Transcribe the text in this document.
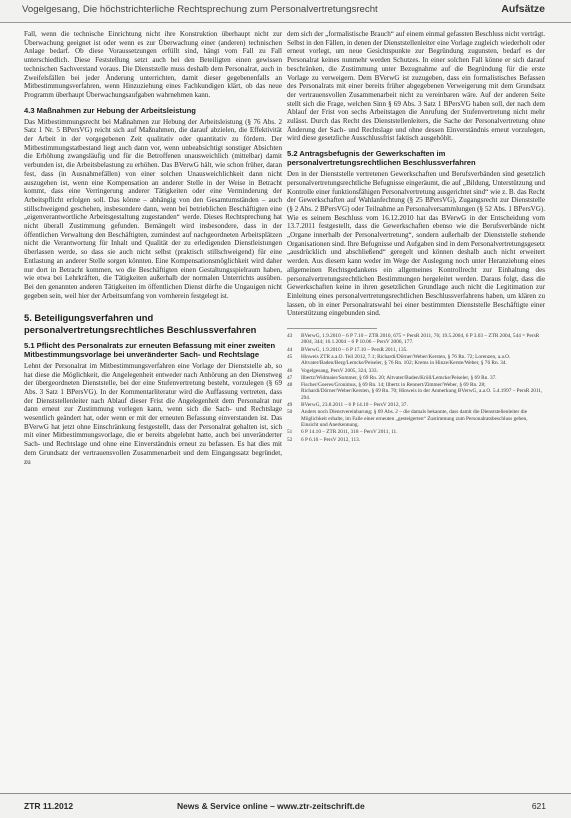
Vogelgesang, Die höchstrichterliche Rechtsprechung zum Personalvertretungsrecht	Aufsätze

Fall, wenn die technische Einrichtung nicht ihre Konstruktion überhaupt nicht zur Überwachung geeignet ist oder wenn es zur Überwachung einer (anderen) technischen Anlage bedarf. Ob diese Voraussetzungen erfüllt sind, hängt vom Fall zu Fall unterschiedlich. Diese Feststellung setzt auch bei den Beteiligten einen gewissen technischen Sachverstand voraus. Die Dienststelle muss deshalb dem Personalrat, auch in Zweifelsfällen bei jeder Änderung unterrichten, damit dieser gegebenenfalls an Mitbestimmungsverfahren, wenn Hinzuziehung eines Fachkundigen klärt, ob das neue Programm überhaupt Überwachungsaufgaben wahrnehmen kann.

4.3 Maßnahmen zur Hebung der Arbeitsleistung

Das Mitbestimmungsrecht bei Maßnahmen zur Hebung der Arbeitsleistung (§ 76 Abs. 2 Satz 1 Nr. 5 BPersVG) reicht sich auf Maßnahmen, die darauf abzielen, die Effektivität der Arbeit in der vorgegebenen Zeit qualitativ oder quantitativ zu fördern. Der Mitbestimmungstatbestand liegt auch dann vor, wenn unbeabsichtigt sonstiger Absichten die Erhöhung zwangsläufig und für die Betroffenen unausweichlich (mittelbar) damit verbunden ist, die Arbeitsbelastung zu erhöhen. Das BVerwG hält, wie schon früher, daran fest, dass (in Ausnahmefällen) von einer solchen Unausweichlichkeit dann nicht auszugehen ist, wenn eine Kompensation an anderer Stelle in der Weise in Betracht kommt, dass eine Verringerung anderer Tätigkeiten oder eine Verminderung der Arbeitspflicht erfolgen soll. Das könne – abhängig von den Gesamtumständen – auch stillschweigend geschehen, insbesondere dann, wenn bei betrieblichen Beschäftigten eine „eigenverantwortliche Arbeitsgestaltung zugestanden“ werde. Dieses Rechtsprechung hat nicht überall Zustimmung gefunden. Bemängelt wird insbesondere, dass in der öffentlichen Verwaltung den Beschäftigten, zumindest auf nachgeordneten Arbeitsplätzen nicht die Verantwortung für Inhalt und Qualität der zu erledigenden Dienstleistungen überlassen werde, so dass sie auch nicht selbst (praktisch stillschweigend) für eine Entlastung an anderer Stelle sorgen könnten. Eine Kompensationsmöglichkeit wird daher nur dort in Betracht kommen, wo die Beschäftigten einen Gestaltungsspielraum haben, wie etwa bei Lehrkräften, die Tätigkeiten außerhalb der normalen Unterrichts ausüben. Bei den genannten anderen Tätigkeiten im öffentlichen Dienst dürfte die Ungauigen nicht gegeben sein, weil hier der Arbeitsumfang von vornherein festgelegt ist.

5. Beteiligungsverfahren und personalvertretungsrechtliches Beschlussverfahren
5.1 Pflicht des Personalrats zur erneuten Befassung mit einer zweiten Mitbestimmungsvorlage bei unveränderter Sach- und Rechtslage

Lehnt der Personalrat im Mitbestimmungsverfahren eine Vorlage der Dienststelle ab, so hat diese die Möglichkeit, die Angelegenheit entweder nach Anhörung an den Dienstweg der übergeordneten Dienststelle, bei der eine Stufenvertretung besteht, vorzulegen (§ 69 Abs. 3 Satz 1 BPersVG). In der Kommentarliteratur wird die Auffassung vertreten, dass der Dienststellenleiter nach Ablauf dieser Frist die Angelegenheit dem Personalrat nur dann erneut zur Zustimmung vorlegen kann, wenn sich die Sach- und Rechtslage wesentlich geändert hat, oder wenn er mit der erneuten Befassung einverstanden ist. Das BVerwG hat jetzt ohne Einschränkung festgestellt, dass der Personalrat gehalten ist, sich mit einer Mitbestimmungsvorlage, die er bereits abgelehnt hatte, auch bei unveränderter Sach- und Rechtslage und ohne eine Einverständnis erneut zu befassen. Es hat dies mit dem Grundsatz der vertrauensvollen Zusammenarbeit und dem Eingangssatz begründet, zu

dem sich der „formalistische Brauch“ auf einem einmal gefassten Beschluss nicht verträgt. Selbst in den Fällen, in denen der Dienststellenleiter eine Vorlage zugleich wiederholt oder erneut vorlegt, um neue Gesichtspunkte zur Begründung zugunsten, bedarf es der Personalrat keines nunmehr werden Schutzes. In einer solchen Fall könne er sich darauf beschränken, die Zustimmung unter Bezugnahme auf die Begründung für die erste Vorlage zu verweigern. Dem BVerwG ist zuzugeben, dass ein formalistisches Befassen des Personalrats mit einer bereits früher abgegebenen Verweigerung mit dem Grundsatz der vertrauensvollen Zusammenarbeit nicht zu vereinbaren wäre. Auf der anderen Seite stellt sich die Frage, welchen Sinn § 69 Abs. 3 Satz 1 BPersVG haben soll, der nach dem Ablauf der Frist von sechs Arbeitstagen die Anrufung der Stufenvertretung nicht mehr zulässt. Durch das Recht des Dienststellenleiters, die Sache der Personalvertretung ohne Änderung der Sach- und Rechtslage und ohne dessen Einverständnis erneut vorzulegen, wird diese gesetzliche Ausschlussfrist faktisch ausgehöhlt.

5.2 Antragsbefugnis der Gewerkschaften im personalvertretungsrechtlichen Beschlussverfahren

Den in der Dienststelle vertretenen Gewerkschaften und Berufsverbänden sind gesetzlich personalvertretungsrechtliche Befugnisse eingeräumt, die auf „Bildung, Unterstützung und Kontrolle einer funktionsfähigen Personalvertretung ausgerichtet sind“ wie z. B. das Recht der Gewerkschaften auf Wahlanfechtung (§ 25 BPersVG), Zugangsrecht zur Dienststelle (§ 2 Abs. 2 BPersVG) oder Teilnahme an Personalversammlungen (§ 52 Abs. 1 BPersVG). Wie es seinem Beschluss vom 16.12.2010 hat das BVerwG in der Entscheidung vom 13.7.2011 festgestellt, dass die Gewerkschaften ebenso wie die Berufsverbände nicht „Organe innerhalb der Personalvertretung“, sondern außerhalb der Dienststelle stehende Organisationen sind. Ihre Befugnisse und Aufgaben sind in dem Personalvertretungsgesetz „ausdrücklich und abschließend“ geregelt und können deshalb auch nicht erweitert werden. Aus diesem kann weder im Wege der Auslegung noch unter Heranziehung eines allgemeinen Rechtsgedankens ein allgemeines Kontrollrecht zur Einhaltung des personalvertretungsrechtlichen Bestimmungen hergeleitet werden. Daraus folgt, dass die Gewerkschaften keine in ihren gesetzlichen Grundlage auch nicht die Legitimation zur Einleitung eines personalvertretungsrechtlichen Beschlussverfahrens haben, um klären zu lassen, ob in einer Personalratswahl bei einer bestimmten Dienststelle Beschäftigte einer Unterstützung eingebunden sind.

43	BVerwG, 1.9.2010 – 6 P 7.10 – ZTR 2010, 675 = PersR 2011, 76; 19.5.2004, 6 P 3.03 – ZTR 2004, 544 = PersR 2004, 344; 16.1.2004 – 6 P 10.06 – PersV 2006, 177.
44	BVerwG, 1.9.2010 – 6 P 17.10 – PersR 2011, 135.
45	Hinweis ZTR a.a.O. Teil 2012, 7.1; Richardi/Dörner/Weber/Kersten, § 76 Rn. 72; Lorenzen, a.a.O. Altvater/Baden/Berg/Lemcke/Peiseler, § 76 Rn. 102; Krems in Hinze/Kerste/Weber, § 76 Rn. 34.
46	Vogelgesang, PersV 2005, 324, 333.
47	Ilbertz/Widmaier/Sommer, § 69 Rn. 20; Altvater/Baden/Kröll/Lemcke/Peiseler, § 69 Rn. 37.
48	Fischer/Goeres/Gronimus, § 69 Rn. 14; Ilbertz in Rennert/Zimmer/Weber, § 69 Rn. 28; Richardi/Dörner/Weber/Kersten, § 69 Rn. 70; Hinweis in der Anmerkung BVerwG, a.a.O. 5.4.1997 – PersR 2011, 294.
49	BVerwG, 23.8.2011 – 6 P 14.10 – PersV 2012, 37.
50	Anders noch Dienstvereinbarung; § 69 Abs. 2 – die damals bekannte, dass damit die Dienststellenleiter die Möglichkeit erhalte, im Falle einer erneuten „gesteigerten“ Zustimmung zum Personalratsbeschluss gehen, Einsicht und Anerkennung.
51	6 P 14.10 – ZTR 2011, 318 – PersV 2011, 11.
52	6 P 6.10 – PersV 2012, 113.
ZTR 11.2012	News & Service online – www.ztr-zeitschrift.de	621
